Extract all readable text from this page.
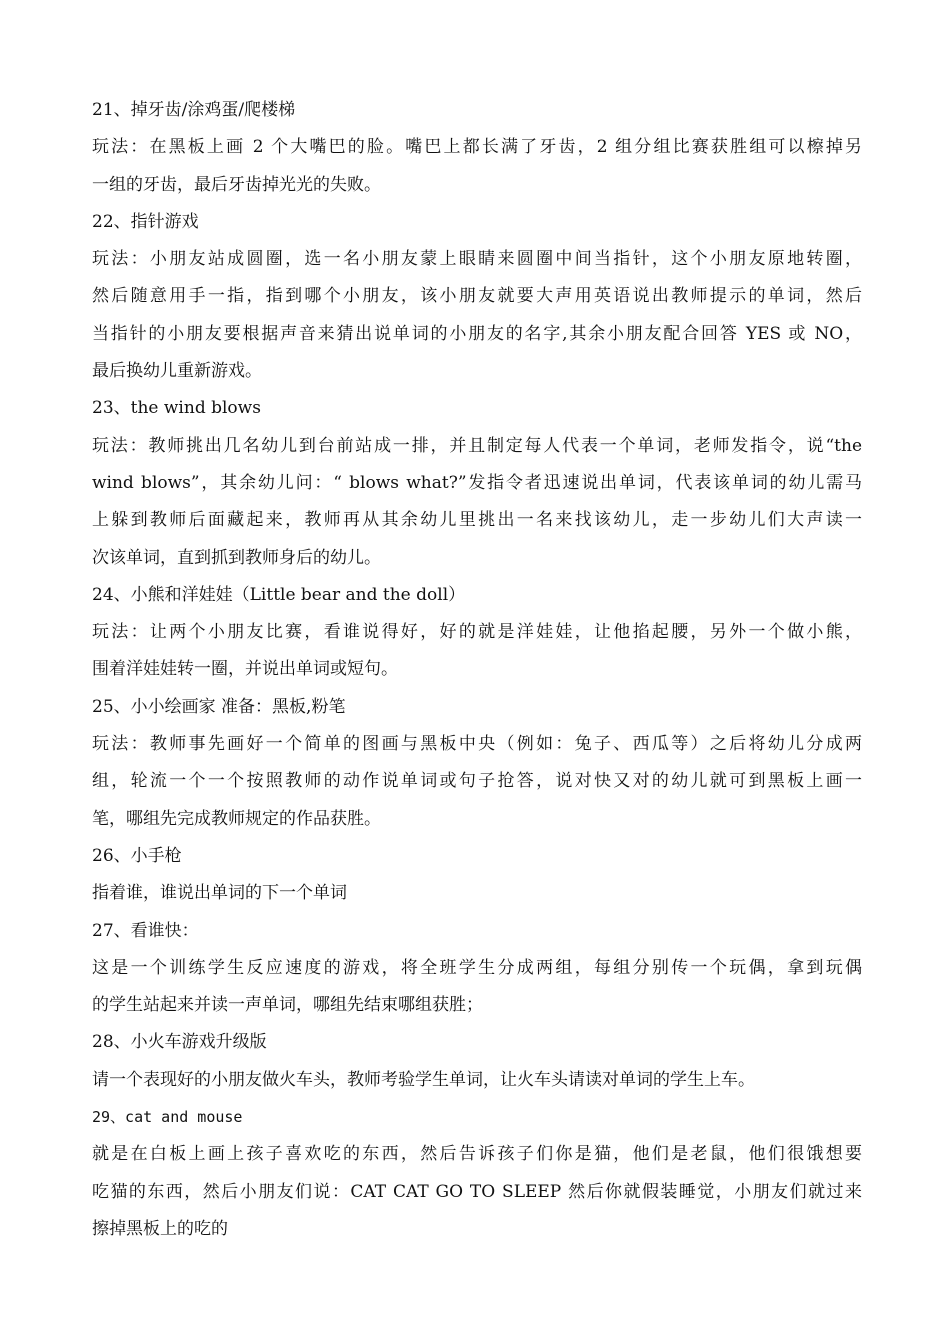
21、掉牙齿/涂鸡蛋/爬楼梯
玩法：在黑板上画 2 个大嘴巴的脸。嘴巴上都长满了牙齿，2 组分组比赛获胜组可以檫掉另
一组的牙齿，最后牙齿掉光光的失败。
22、指针游戏
玩法：小朋友站成圆圈，选一名小朋友蒙上眼睛来圆圈中间当指针，这个小朋友原地转圈，
然后随意用手一指，指到哪个小朋友，该小朋友就要大声用英语说出教师提示的单词，然后
当指针的小朋友要根据声音来猜出说单词的小朋友的名字,其余小朋友配合回答 YES 或 NO，
最后换幼儿重新游戏。
23、the wind blows
玩法：教师挑出几名幼儿到台前站成一排，并且制定每人代表一个单词，老师发指令，说“the
wind blows”，其余幼儿问：“ blows what?”发指令者迅速说出单词，代表该单词的幼儿需马
上躲到教师后面藏起来，教师再从其余幼儿里挑出一名来找该幼儿，走一步幼儿们大声读一
次该单词，直到抓到教师身后的幼儿。
24、小熊和洋娃娃（Little bear and the doll）
玩法：让两个小朋友比赛，看谁说得好，好的就是洋娃娃，让他掐起腰，另外一个做小熊，
围着洋娃娃转一圈，并说出单词或短句。
25、小小绘画家 准备：黑板,粉笔
玩法：教师事先画好一个简单的图画与黑板中央（例如：兔子、西瓜等）之后将幼儿分成两
组，轮流一个一个按照教师的动作说单词或句子抢答，说对快又对的幼儿就可到黑板上画一
笔，哪组先完成教师规定的作品获胜。
26、小手枪
指着谁，谁说出单词的下一个单词
27、看谁快：
这是一个训练学生反应速度的游戏，将全班学生分成两组，每组分别传一个玩偶，拿到玩偶
的学生站起来并读一声单词，哪组先结束哪组获胜；
28、小火车游戏升级版
请一个表现好的小朋友做火车头，教师考验学生单词，让火车头请读对单词的学生上车。
29、cat and mouse
就是在白板上画上孩子喜欢吃的东西，然后告诉孩子们你是猫，他们是老鼠，他们很饿想要
吃猫的东西，然后小朋友们说：CAT CAT GO TO SLEEP 然后你就假装睡觉，小朋友们就过来
擦掉黑板上的吃的
